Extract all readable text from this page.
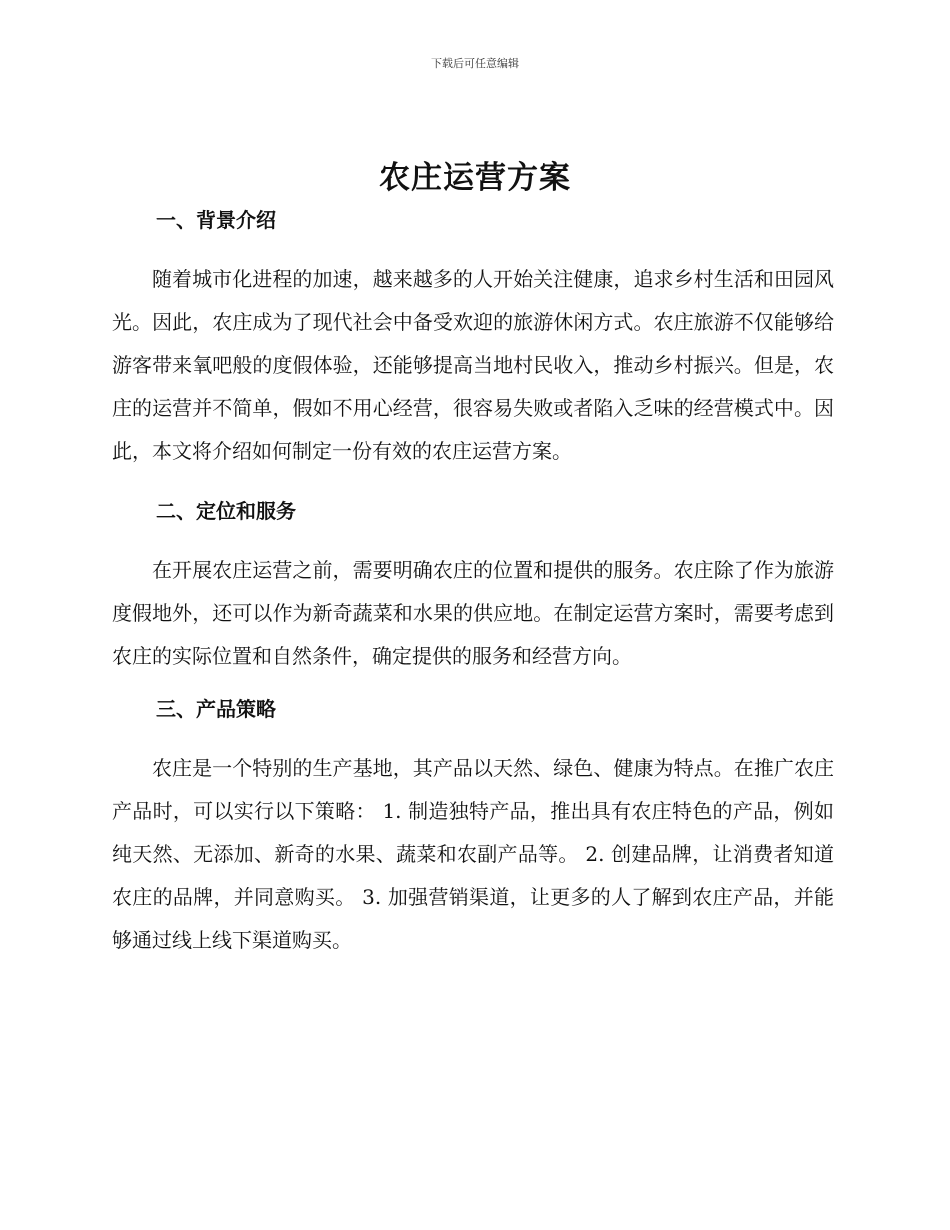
下载后可任意编辑
农庄运营方案
一、背景介绍

随着城市化进程的加速，越来越多的人开始关注健康，追求乡村生活和田园风光。因此，农庄成为了现代社会中备受欢迎的旅游休闲方式。农庄旅游不仅能够给游客带来氧吧般的度假体验，还能够提高当地村民收入，推动乡村振兴。但是，农庄的运营并不简单，假如不用心经营，很容易失败或者陷入乏味的经营模式中。因此，本文将介绍如何制定一份有效的农庄运营方案。

二、定位和服务

在开展农庄运营之前，需要明确农庄的位置和提供的服务。农庄除了作为旅游度假地外，还可以作为新奇蔬菜和水果的供应地。在制定运营方案时，需要考虑到农庄的实际位置和自然条件，确定提供的服务和经营方向。

三、产品策略

农庄是一个特别的生产基地，其产品以天然、绿色、健康为特点。在推广农庄产品时，可以实行以下策略： 1. 制造独特产品，推出具有农庄特色的产品，例如纯天然、无添加、新奇的水果、蔬菜和农副产品等。 2. 创建品牌，让消费者知道农庄的品牌，并同意购买。 3. 加强营销渠道，让更多的人了解到农庄产品，并能够通过线上线下渠道购买。
